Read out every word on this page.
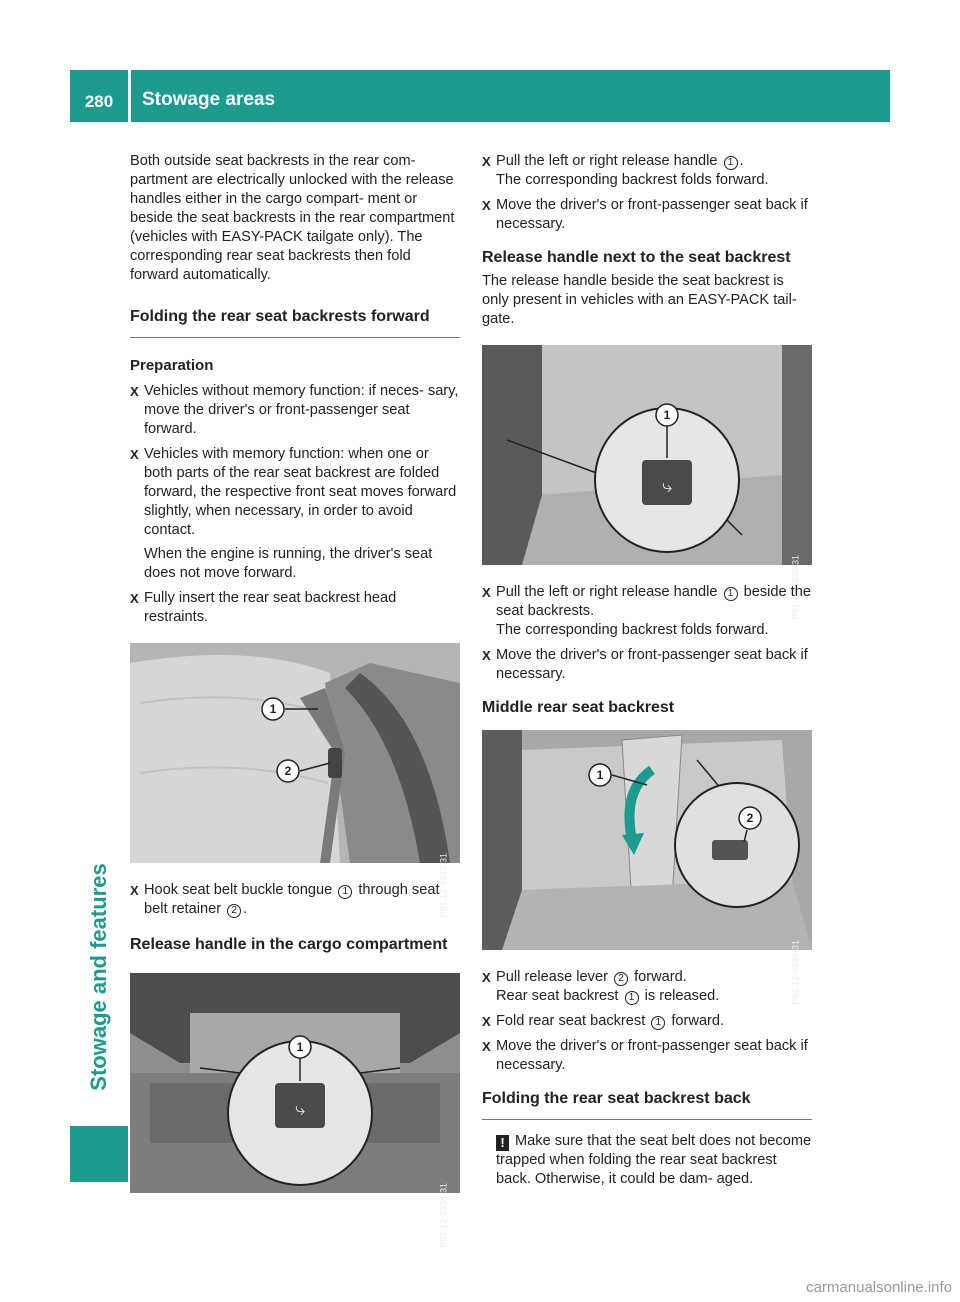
280	Stowage areas
Stowage and features

Both outside seat backrests in the rear com- partment are electrically unlocked with the release handles either in the cargo compart- ment or beside the seat backrests in the rear compartment (vehicles with EASY-PACK tailgate only). The corresponding rear seat backrests then fold forward automatically.

Folding the rear seat backrests forward
Preparation
X Vehicles without memory function: if neces- sary, move the driver's or front-passenger seat forward.
X Vehicles with memory function: when one or both parts of the rear seat backrest are folded forward, the respective front seat moves forward slightly, when necessary, in order to avoid contact.

When the engine is running, the driver's seat does not move forward.

X Fully insert the rear seat backrest head restraints.
1
2
P91.12-3933-31
X Hook seat belt buckle tongue 1 through seat belt retainer 2 .
Release handle in the cargo compartment
⤷
1
P91.12-3934-31
X Pull the left or right release handle 1 .

The corresponding backrest folds forward.

X Move the driver's or front-passenger seat back if necessary.
Release handle next to the seat backrest

The release handle beside the seat backrest is only present in vehicles with an EASY-PACK tail- gate.

⤷
1
P91.12-3935-31
X Pull the left or right release handle 1 beside the seat backrests.

The corresponding backrest folds forward.

X Move the driver's or front-passenger seat back if necessary.
Middle rear seat backrest
1
2
P91.12-3936-31
X Pull release lever 2 forward.

Rear seat backrest 1 is released.

X Fold rear seat backrest 1 forward.
X Move the driver's or front-passenger seat back if necessary.
Folding the rear seat backrest back

! Make sure that the seat belt does not become trapped when folding the rear seat backrest back. Otherwise, it could be dam- aged.

carmanualsonline.info
